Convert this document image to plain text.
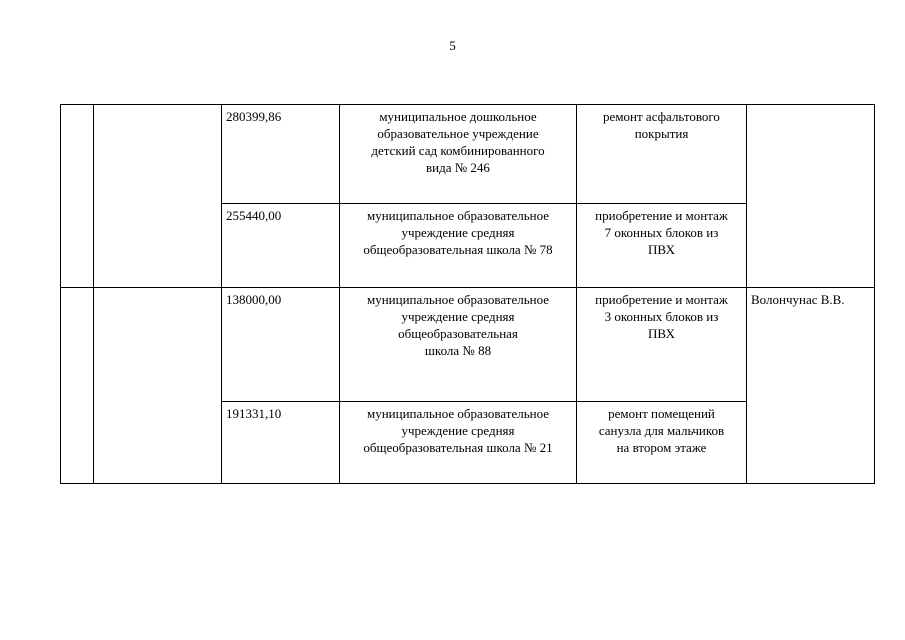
5
		280399,86	муниципальное дошкольное
образовательное учреждение
детский сад комбинированного
вида № 246	ремонт асфальтового
покрытия	
		255440,00	муниципальное образовательное
учреждение средняя
общеобразовательная школа № 78	приобретение и монтаж
7 оконных блоков из
ПВХ	
		138000,00	муниципальное образовательное
учреждение средняя
общеобразовательная
школа № 88	приобретение и монтаж
3 оконных блоков из
ПВХ	Волончунас В.В.
		191331,10	муниципальное образовательное
учреждение средняя
общеобразовательная школа № 21	ремонт помещений
санузла для мальчиков
на втором этаже	
